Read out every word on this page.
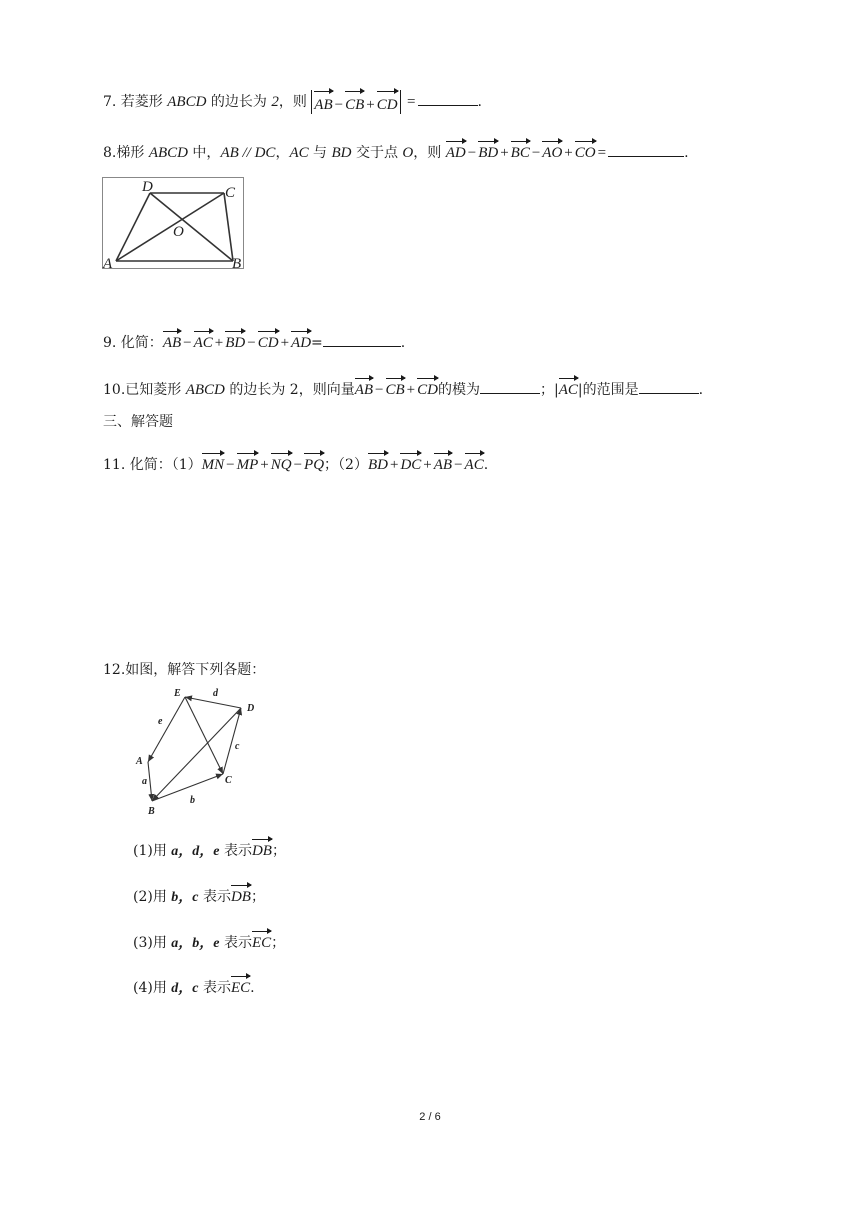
7. 若菱形 ABCD 的边长为 2，则 AB − CB + CD =	.
8.梯形 ABCD 中，AB // DC，AC 与 BD 交于点 O，则 AD − BD + BC − AO + CO =	.
D	C
O
A	B
9. 化简：AB − AC + BD − CD + AD=	.
10.已知菱形 ABCD 的边长为 2，则向量AB − CB + CD的模为	；|AC|的范围是	.
三、解答题
11. 化简：（1）MN − MP + NQ − PQ；（2）BD + DC + AB − AC.
12.如图，解答下列各题：
E
D
A
C
B
a
b
c
d
e
(1)用 a，d，e 表示DB；
(2)用 b，c 表示DB；
(3)用 a，b，e 表示EC；
(4)用 d，c 表示EC.
2 / 6
